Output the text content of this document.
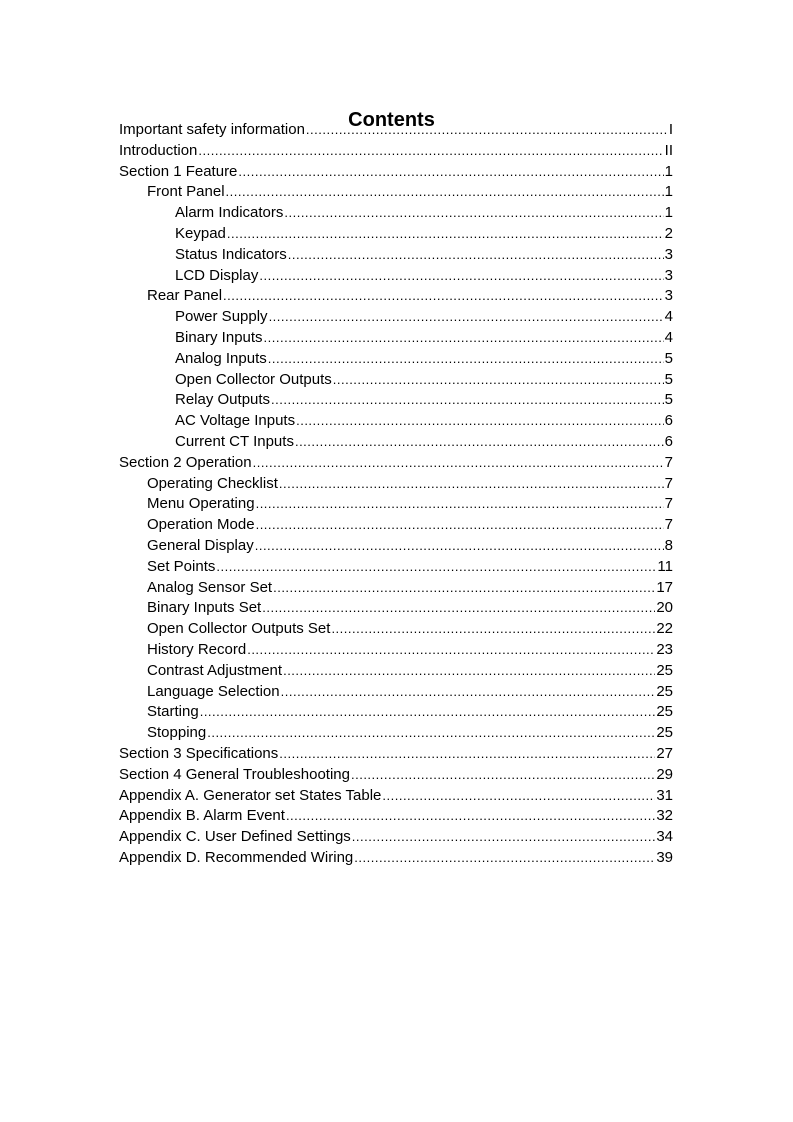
Contents
Important safety information .....	I
Introduction .....	II
Section 1 Feature .....	1
Front Panel .....	1
Alarm Indicators .....	1
Keypad .....	2
Status Indicators .....	3
LCD Display .....	3
Rear Panel .....	3
Power Supply .....	4
Binary Inputs .....	4
Analog Inputs .....	5
Open Collector Outputs .....	5
Relay Outputs .....	5
AC Voltage Inputs .....	6
Current CT Inputs .....	6
Section 2 Operation .....	7
Operating Checklist .....	7
Menu Operating .....	7
Operation Mode .....	7
General Display .....	8
Set Points .....	11
Analog Sensor Set .....	17
Binary Inputs Set .....	20
Open Collector Outputs Set .....	22
History Record .....	23
Contrast Adjustment .....	25
Language Selection .....	25
Starting .....	25
Stopping .....	25
Section 3 Specifications .....	27
Section 4 General Troubleshooting .....	29
Appendix A. Generator set States Table .....	31
Appendix B. Alarm Event .....	32
Appendix C. User Defined Settings .....	34
Appendix D. Recommended Wiring .....	39
